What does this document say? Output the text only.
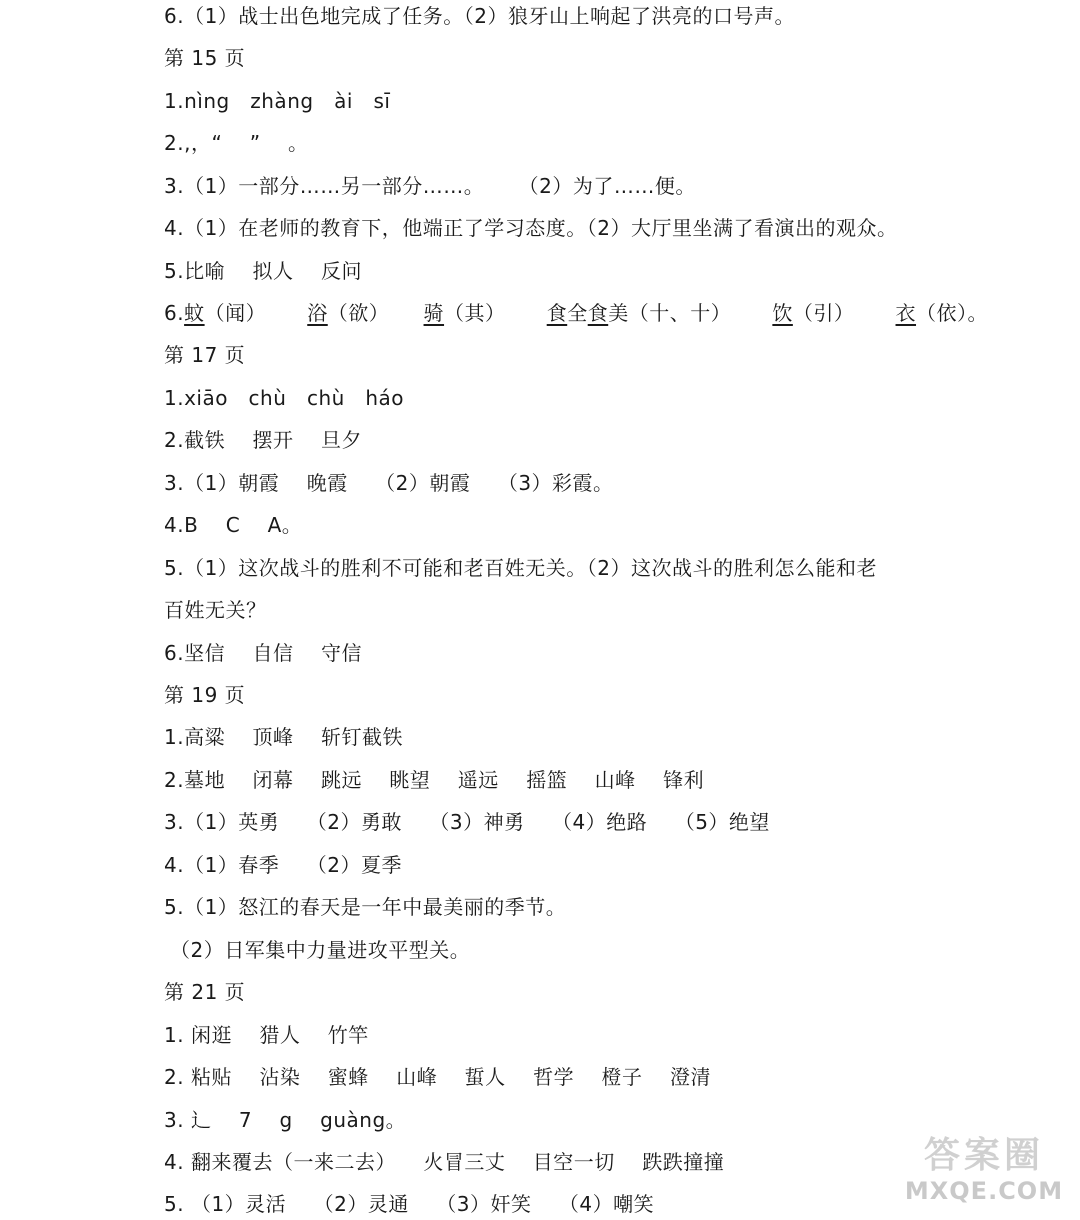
6.（1）战士出色地完成了任务。（2）狼牙山上响起了洪亮的口号声。
第 15 页
1.nìng   zhàng   ài   sī
2.,，“    ”    。
3.（1）一部分……另一部分……。     （2）为了……便。
4.（1）在老师的教育下，他端正了学习态度。（2）大厅里坐满了看演出的观众。
5.比喻    拟人    反问
6.蚊（闻）      浴（欲）     骑（其）      食全食美（十、十）      饮（引）      衣（依）。
第 17 页
1.xiāo   chù   chù   háo
2.截铁    摆开    旦夕
3.（1）朝霞    晚霞    （2）朝霞    （3）彩霞。
4.B    C    A。
5.（1）这次战斗的胜利不可能和老百姓无关。（2）这次战斗的胜利怎么能和老
百姓无关？
6.坚信    自信    守信
第 19 页
1.高粱    顶峰    斩钉截铁
2.墓地    闭幕    跳远    眺望    遥远    摇篮    山峰    锋利
3.（1）英勇    （2）勇敢    （3）神勇    （4）绝路    （5）绝望
4.（1）春季    （2）夏季
5.（1）怒江的春天是一年中最美丽的季节。
（2）日军集中力量进攻平型关。
第 21 页
1. 闲逛    猎人    竹竿
2. 粘贴    沾染    蜜蜂    山峰    蜇人    哲学    橙子    澄清
3. 辶    7    g    guàng。
4. 翻来覆去（一来二去）    火冒三丈    目空一切    跌跌撞撞
5. （1）灵活    （2）灵通    （3）奸笑    （4）嘲笑
答案圈
MXQE.COM
